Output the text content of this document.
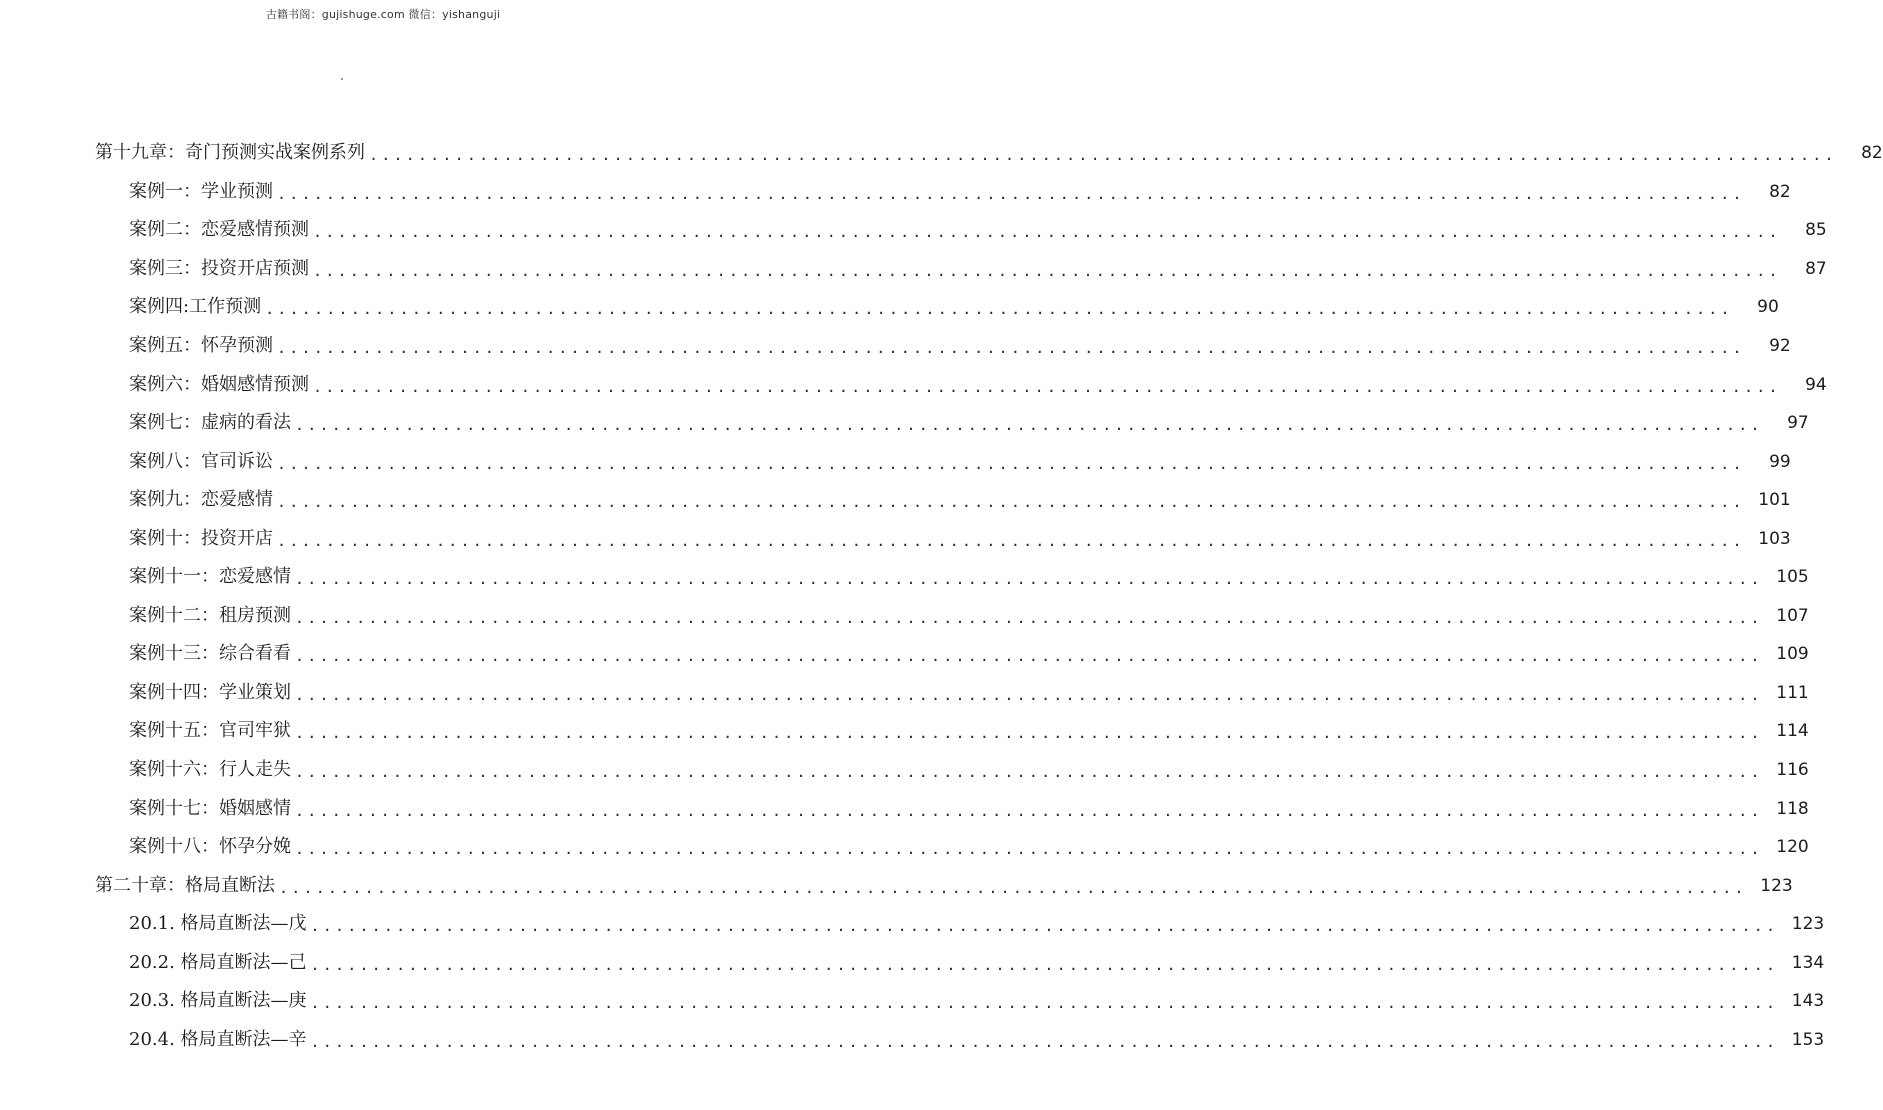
古籍书阁：gujishuge.com 微信：yishanguji
第十九章：奇门预测实战案例系列 ........................................................................................................................	82
案例一：学业预测 ........................................................................................................................	82
案例二：恋爱感情预测 ........................................................................................................................	85
案例三：投资开店预测 ........................................................................................................................	87
案例四:工作预测 ........................................................................................................................	90
案例五：怀孕预测 ........................................................................................................................	92
案例六：婚姻感情预测 ........................................................................................................................	94
案例七：虚病的看法 ........................................................................................................................	97
案例八：官司诉讼 ........................................................................................................................	99
案例九：恋爱感情 ........................................................................................................................ 101
案例十：投资开店 ........................................................................................................................ 103
案例十一：恋爱感情 ........................................................................................................................ 105
案例十二：租房预测 ........................................................................................................................ 107
案例十三：综合看看 ........................................................................................................................ 109
案例十四：学业策划 ........................................................................................................................ 111
案例十五：官司牢狱 ........................................................................................................................ 114
案例十六：行人走失 ........................................................................................................................ 116
案例十七：婚姻感情 ........................................................................................................................ 118
案例十八：怀孕分娩 ........................................................................................................................ 120
第二十章：格局直断法 ........................................................................................................................ 123
20.1. 格局直断法—戊 ........................................................................................................................ 123
20.2. 格局直断法—己 ........................................................................................................................ 134
20.3. 格局直断法—庚 ........................................................................................................................ 143
20.4. 格局直断法—辛 ........................................................................................................................ 153
